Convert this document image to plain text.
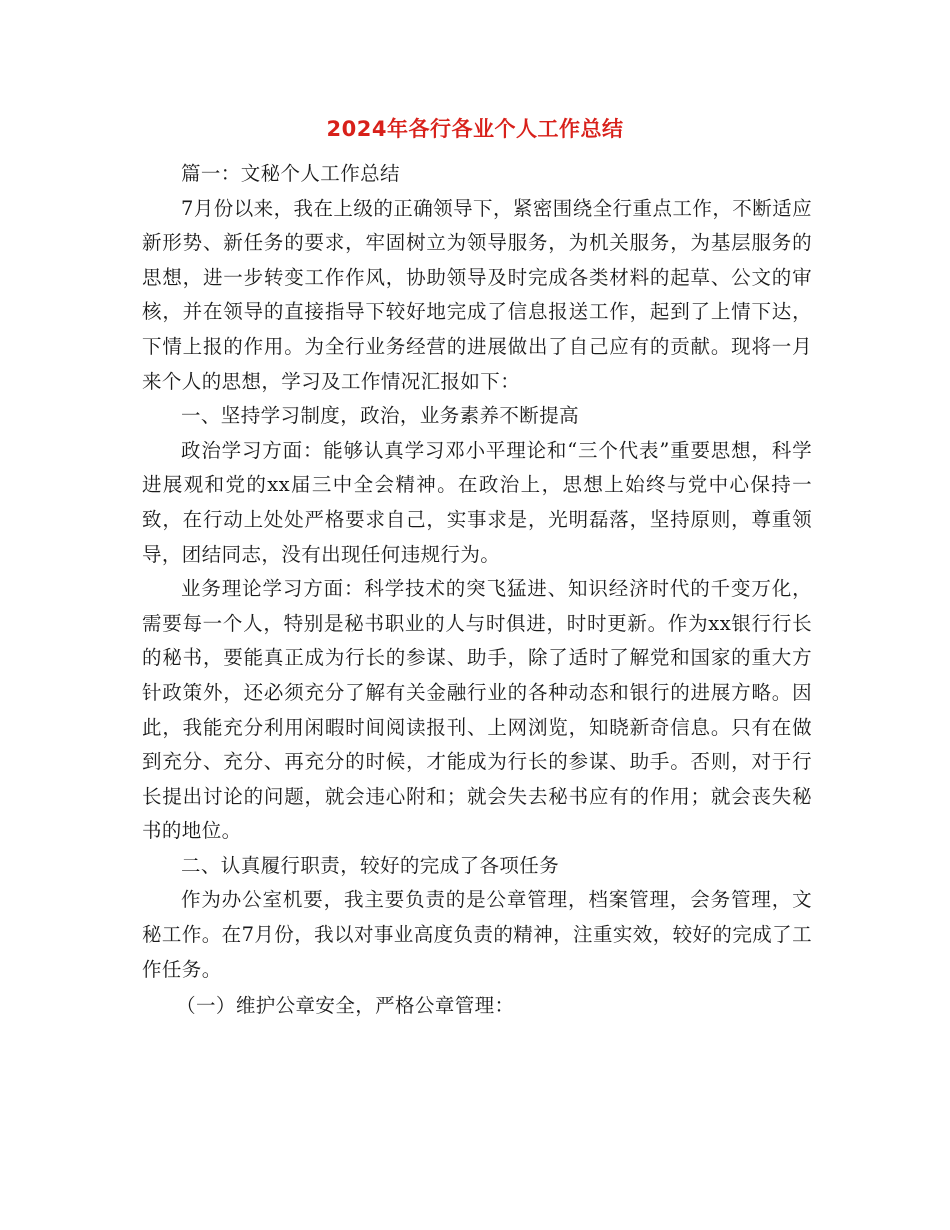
2024年各行各业个人工作总结

篇一：文秘个人工作总结

7月份以来，我在上级的正确领导下，紧密围绕全行重点工作，不断适应新形势、新任务的要求，牢固树立为领导服务，为机关服务，为基层服务的思想，进一步转变工作作风，协助领导及时完成各类材料的起草、公文的审核，并在领导的直接指导下较好地完成了信息报送工作，起到了上情下达，下情上报的作用。为全行业务经营的进展做出了自己应有的贡献。现将一月来个人的思想，学习及工作情况汇报如下：

一、坚持学习制度，政治，业务素养不断提高

政治学习方面：能够认真学习邓小平理论和“三个代表”重要思想，科学进展观和党的xx届三中全会精神。在政治上，思想上始终与党中心保持一致，在行动上处处严格要求自己，实事求是，光明磊落，坚持原则，尊重领导，团结同志，没有出现任何违规行为。

业务理论学习方面：科学技术的突飞猛进、知识经济时代的千变万化，需要每一个人，特别是秘书职业的人与时俱进，时时更新。作为xx银行行长的秘书，要能真正成为行长的参谋、助手，除了适时了解党和国家的重大方针政策外，还必须充分了解有关金融行业的各种动态和银行的进展方略。因此，我能充分利用闲暇时间阅读报刊、上网浏览，知晓新奇信息。只有在做到充分、充分、再充分的时候，才能成为行长的参谋、助手。否则，对于行长提出讨论的问题，就会违心附和；就会失去秘书应有的作用；就会丧失秘书的地位。

二、认真履行职责，较好的完成了各项任务

作为办公室机要，我主要负责的是公章管理，档案管理，会务管理，文秘工作。在7月份，我以对事业高度负责的精神，注重实效，较好的完成了工作任务。

（一）维护公章安全，严格公章管理：
